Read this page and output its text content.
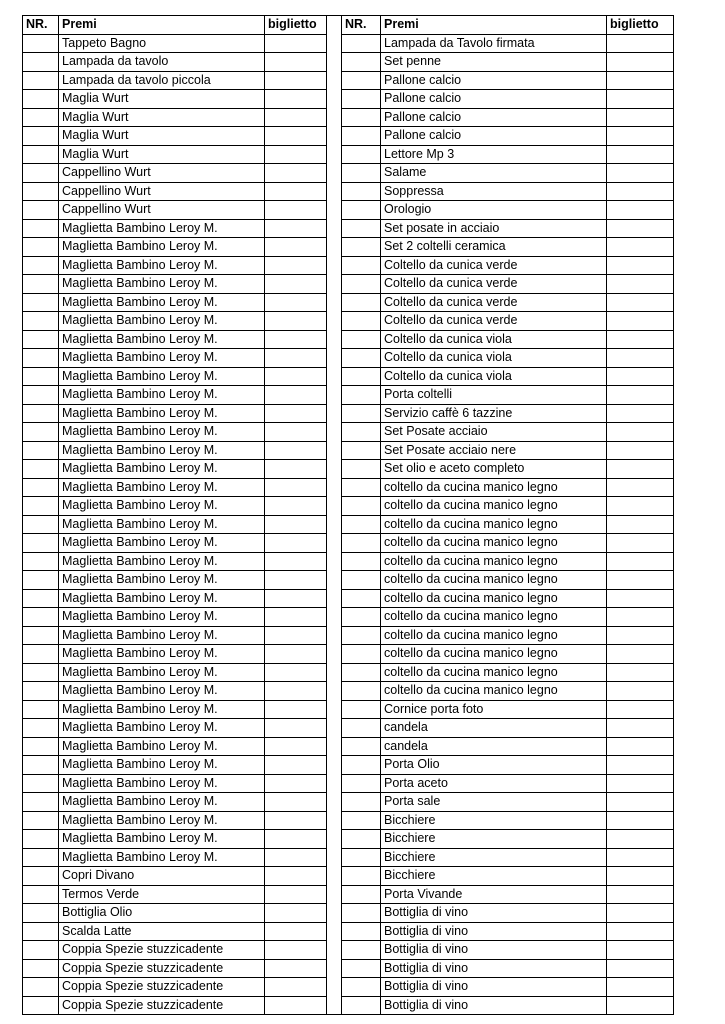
NR.	Premi	biglietto		NR.	Premi	biglietto
	Tappeto Bagno				Lampada da Tavolo firmata	
	Lampada da tavolo				Set penne	
	Lampada da tavolo piccola				Pallone calcio	
	Maglia Wurt				Pallone calcio	
	Maglia Wurt				Pallone calcio	
	Maglia Wurt				Pallone calcio	
	Maglia Wurt				Lettore Mp 3	
	Cappellino Wurt				Salame	
	Cappellino Wurt				Soppressa	
	Cappellino Wurt				Orologio	
	Maglietta Bambino Leroy M.				Set posate in acciaio	
	Maglietta Bambino Leroy M.				Set 2 coltelli ceramica	
	Maglietta Bambino Leroy M.				Coltello da cunica verde	
	Maglietta Bambino Leroy M.				Coltello da cunica verde	
	Maglietta Bambino Leroy M.				Coltello da cunica verde	
	Maglietta Bambino Leroy M.				Coltello da cunica verde	
	Maglietta Bambino Leroy M.				Coltello da cunica viola	
	Maglietta Bambino Leroy M.				Coltello da cunica viola	
	Maglietta Bambino Leroy M.				Coltello da cunica viola	
	Maglietta Bambino Leroy M.				Porta coltelli	
	Maglietta Bambino Leroy M.				Servizio caffè 6 tazzine	
	Maglietta Bambino Leroy M.				Set Posate acciaio	
	Maglietta Bambino Leroy M.				Set Posate acciaio nere	
	Maglietta Bambino Leroy M.				Set olio e aceto completo	
	Maglietta Bambino Leroy M.				coltello da cucina manico legno	
	Maglietta Bambino Leroy M.				coltello da cucina manico legno	
	Maglietta Bambino Leroy M.				coltello da cucina manico legno	
	Maglietta Bambino Leroy M.				coltello da cucina manico legno	
	Maglietta Bambino Leroy M.				coltello da cucina manico legno	
	Maglietta Bambino Leroy M.				coltello da cucina manico legno	
	Maglietta Bambino Leroy M.				coltello da cucina manico legno	
	Maglietta Bambino Leroy M.				coltello da cucina manico legno	
	Maglietta Bambino Leroy M.				coltello da cucina manico legno	
	Maglietta Bambino Leroy M.				coltello da cucina manico legno	
	Maglietta Bambino Leroy M.				coltello da cucina manico legno	
	Maglietta Bambino Leroy M.				coltello da cucina manico legno	
	Maglietta Bambino Leroy M.				Cornice porta foto	
	Maglietta Bambino Leroy M.				candela	
	Maglietta Bambino Leroy M.				candela	
	Maglietta Bambino Leroy M.				Porta Olio	
	Maglietta Bambino Leroy M.				Porta aceto	
	Maglietta Bambino Leroy M.				Porta sale	
	Maglietta Bambino Leroy M.				Bicchiere	
	Maglietta Bambino Leroy M.				Bicchiere	
	Maglietta Bambino Leroy M.				Bicchiere	
	Copri Divano				Bicchiere	
	Termos Verde				Porta Vivande	
	Bottiglia Olio				Bottiglia di vino	
	Scalda Latte				Bottiglia di vino	
	Coppia Spezie stuzzicadente				Bottiglia di vino	
	Coppia Spezie stuzzicadente				Bottiglia di vino	
	Coppia Spezie stuzzicadente				Bottiglia di vino	
	Coppia Spezie stuzzicadente				Bottiglia di vino	
